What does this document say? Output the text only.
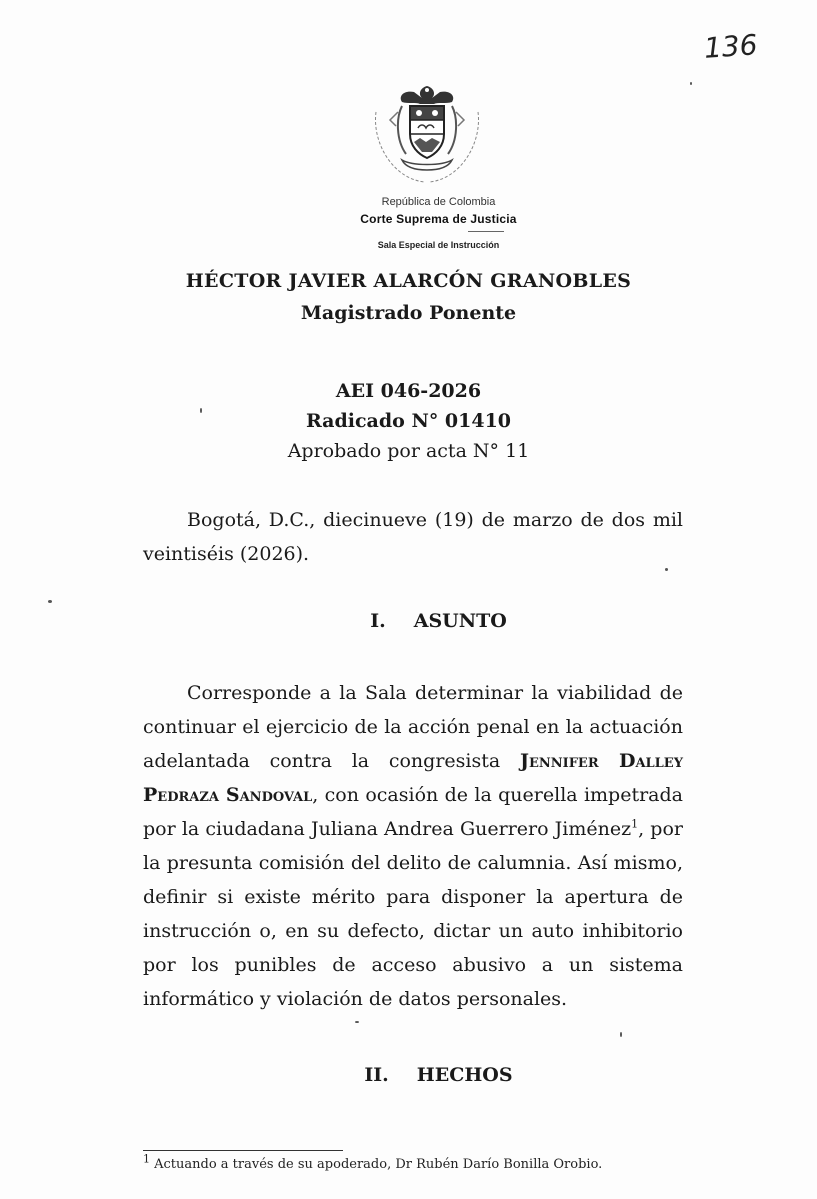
136
República de Colombia
Corte Suprema de Justicia
Sala Especial de Instrucción
HÉCTOR JAVIER ALARCÓN GRANOBLES
Magistrado Ponente
AEI 046-2026
Radicado N° 01410
Aprobado por acta N° 11
Bogotá, D.C., diecinueve (19) de marzo de dos mil veintiséis (2026).
I. ASUNTO
Corresponde a la Sala determinar la viabilidad de continuar el ejercicio de la acción penal en la actuación adelantada contra la congresista Jennifer Dalley Pedraza Sandoval, con ocasión de la querella impetrada por la ciudadana Juliana Andrea Guerrero Jiménez$^1$, por la presunta comisión del delito de calumnia. Así mismo, definir si existe mérito para disponer la apertura de instrucción o, en su defecto, dictar un auto inhibitorio por los punibles de acceso abusivo a un sistema informático y violación de datos personales.
II. HECHOS
$^1$ Actuando a través de su apoderado, Dr Rubén Darío Bonilla Orobio.
